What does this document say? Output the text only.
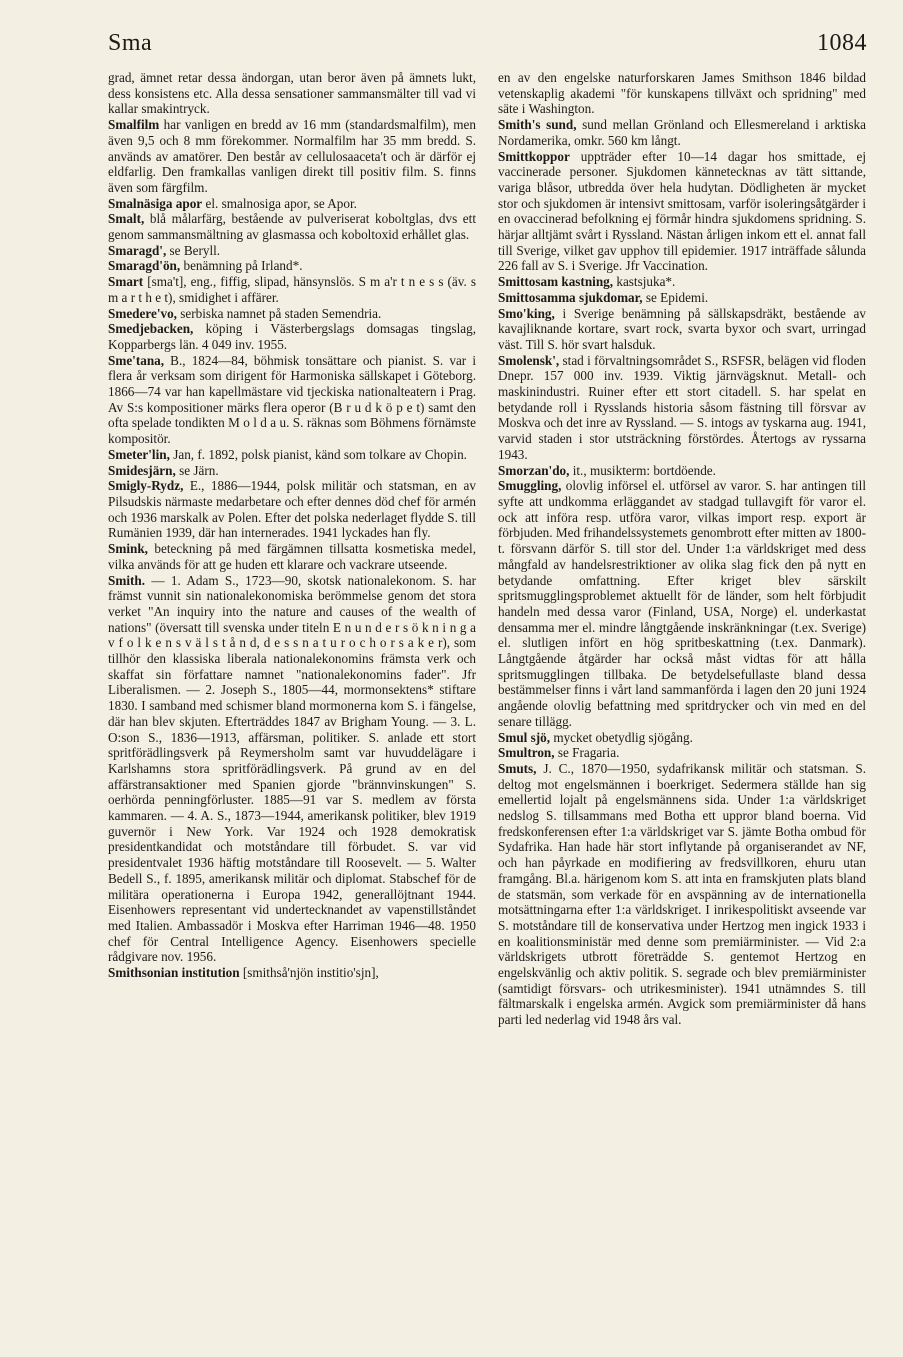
Sma	1084

grad, ämnet retar dessa ändorgan, utan beror även på ämnets lukt, dess konsistens etc. Alla dessa sensationer sammansmälter till vad vi kallar smakintryck.

Smalfilm har vanligen en bredd av 16 mm (standardsmalfilm), men även 9,5 och 8 mm förekommer. Normalfilm har 35 mm bredd. S. används av amatörer. Den består av cellulosaaceta't och är därför ej eldfarlig. Den framkallas vanligen direkt till positiv film. S. finns även som färgfilm.

Smalnäsiga apor el. smalnosiga apor, se Apor.

Smalt, blå målarfärg, bestående av pulveriserat koboltglas, dvs ett genom sammansmältning av glasmassa och koboltoxid erhållet glas.

Smaragd', se Beryll.

Smaragd'ön, benämning på Irland*.

Smart [sma't], eng., fiffig, slipad, hänsynslös. S m a'r t n e s s (äv. s m a r t h e t), smidighet i affärer.

Smedere'vo, serbiska namnet på staden Semendria.

Smedjebacken, köping i Västerbergslags domsagas tingslag, Kopparbergs län. 4 049 inv. 1955.

Sme'tana, B., 1824—84, böhmisk tonsättare och pianist. S. var i flera år verksam som dirigent för Harmoniska sällskapet i Göteborg. 1866—74 var han kapellmästare vid tjeckiska nationalteatern i Prag. Av S:s kompositioner märks flera operor (B r u d k ö p e t) samt den ofta spelade tondikten M o l d a u. S. räknas som Böhmens förnämste kompositör.

Smeter'lin, Jan, f. 1892, polsk pianist, känd som tolkare av Chopin.

Smidesjärn, se Järn.

Smigly-Rydz, E., 1886—1944, polsk militär och statsman, en av Pilsudskis närmaste medarbetare och efter dennes död chef för armén och 1936 marskalk av Polen. Efter det polska nederlaget flydde S. till Rumänien 1939, där han internerades. 1941 lyckades han fly.

Smink, beteckning på med färgämnen tillsatta kosmetiska medel, vilka används för att ge huden ett klarare och vackrare utseende.

Smith. — 1. Adam S., 1723—90, skotsk nationalekonom. S. har främst vunnit sin nationalekonomiska berömmelse genom det stora verket "An inquiry into the nature and causes of the wealth of nations" (översatt till svenska under titeln E n u n d e r s ö k n i n g a v f o l k e n s v ä l s t å n d, d e s s n a t u r o c h o r s a k e r), som tillhör den klassiska liberala nationalekonomins främsta verk och skaffat sin författare namnet "nationalekonomins fader". Jfr Liberalismen. — 2. Joseph S., 1805—44, mormonsektens* stiftare 1830. I samband med schismer bland mormonerna kom S. i fängelse, där han blev skjuten. Efterträddes 1847 av Brigham Young. — 3. L. O:son S., 1836—1913, affärsman, politiker. S. anlade ett stort spritförädlingsverk på Reymersholm samt var huvuddelägare i Karlshamns stora spritförädlingsverk. På grund av en del affärstransaktioner med Spanien gjorde "brännvinskungen" S. oerhörda penningförluster. 1885—91 var S. medlem av första kammaren. — 4. A. S., 1873—1944, amerikansk politiker, blev 1919 guvernör i New York. Var 1924 och 1928 demokratisk presidentkandidat och motståndare till förbudet. S. var vid presidentvalet 1936 häftig motståndare till Roosevelt. — 5. Walter Bedell S., f. 1895, amerikansk militär och diplomat. Stabschef för de militära operationerna i Europa 1942, generallöjtnant 1944. Eisenhowers representant vid undertecknandet av vapenstillståndet med Italien. Ambassadör i Moskva efter Harriman 1946—48. 1950 chef för Central Intelligence Agency. Eisenhowers specielle rådgivare nov. 1956.

Smithsonian institution [smithså'njön institio'sjn],

en av den engelske naturforskaren James Smithson 1846 bildad vetenskaplig akademi "för kunskapens tillväxt och spridning" med säte i Washington.

Smith's sund, sund mellan Grönland och Ellesmereland i arktiska Nordamerika, omkr. 560 km långt.

Smittkoppor uppträder efter 10—14 dagar hos smittade, ej vaccinerade personer. Sjukdomen kännetecknas av tätt sittande, variga blåsor, utbredda över hela hudytan. Dödligheten är mycket stor och sjukdomen är intensivt smittosam, varför isoleringsåtgärder i en ovaccinerad befolkning ej förmår hindra sjukdomens spridning. S. härjar alltjämt svårt i Ryssland. Nästan årligen inkom ett el. annat fall till Sverige, vilket gav upphov till epidemier. 1917 inträffade sålunda 226 fall av S. i Sverige. Jfr Vaccination.

Smittosam kastning, kastsjuka*.

Smittosamma sjukdomar, se Epidemi.

Smo'king, i Sverige benämning på sällskapsdräkt, bestående av kavajliknande kortare, svart rock, svarta byxor och svart, urringad väst. Till S. hör svart halsduk.

Smolensk', stad i förvaltningsområdet S., RSFSR, belägen vid floden Dnepr. 157 000 inv. 1939. Viktig järnvägsknut. Metall- och maskinindustri. Ruiner efter ett stort citadell. S. har spelat en betydande roll i Rysslands historia såsom fästning till försvar av Moskva och det inre av Ryssland. — S. intogs av tyskarna aug. 1941, varvid staden i stor utsträckning förstördes. Återtogs av ryssarna 1943.

Smorzan'do, it., musikterm: bortdöende.

Smuggling, olovlig införsel el. utförsel av varor. S. har antingen till syfte att undkomma erläggandet av stadgad tullavgift för varor el. ock att införa resp. utföra varor, vilkas import resp. export är förbjuden. Med frihandelssystemets genombrott efter mitten av 1800-t. försvann därför S. till stor del. Under 1:a världskriget med dess mångfald av handelsrestriktioner av olika slag fick den på nytt en betydande omfattning. Efter kriget blev särskilt spritsmugglingsproblemet aktuellt för de länder, som helt förbjudit handeln med dessa varor (Finland, USA, Norge) el. underkastat densamma mer el. mindre långtgående inskränkningar (t.ex. Sverige) el. slutligen infört en hög spritbeskattning (t.ex. Danmark). Långtgående åtgärder har också måst vidtas för att hålla spritsmugglingen tillbaka. De betydelsefullaste bland dessa bestämmelser finns i vårt land sammanförda i lagen den 20 juni 1924 angående olovlig befattning med spritdrycker och vin med en del senare tillägg.

Smul sjö, mycket obetydlig sjögång.

Smultron, se Fragaria.

Smuts, J. C., 1870—1950, sydafrikansk militär och statsman. S. deltog mot engelsmännen i boerkriget. Sedermera ställde han sig emellertid lojalt på engelsmännens sida. Under 1:a världskriget nedslog S. tillsammans med Botha ett uppror bland boerna. Vid fredskonferensen efter 1:a världskriget var S. jämte Botha ombud för Sydafrika. Han hade här stort inflytande på organiserandet av NF, och han påyrkade en modifiering av fredsvillkoren, ehuru utan framgång. Bl.a. härigenom kom S. att inta en framskjuten plats bland de statsmän, som verkade för en avspänning av de internationella motsättningarna efter 1:a världskriget. I inrikespolitiskt avseende var S. motståndare till de konservativa under Hertzog men ingick 1933 i en koalitionsministär med denne som premiärminister. — Vid 2:a världskrigets utbrott företrädde S. gentemot Hertzog en engelskvänlig och aktiv politik. S. segrade och blev premiärminister (samtidigt försvars- och utrikesminister). 1941 utnämndes S. till fältmarskalk i engelska armén. Avgick som premiärminister då hans parti led nederlag vid 1948 års val.
